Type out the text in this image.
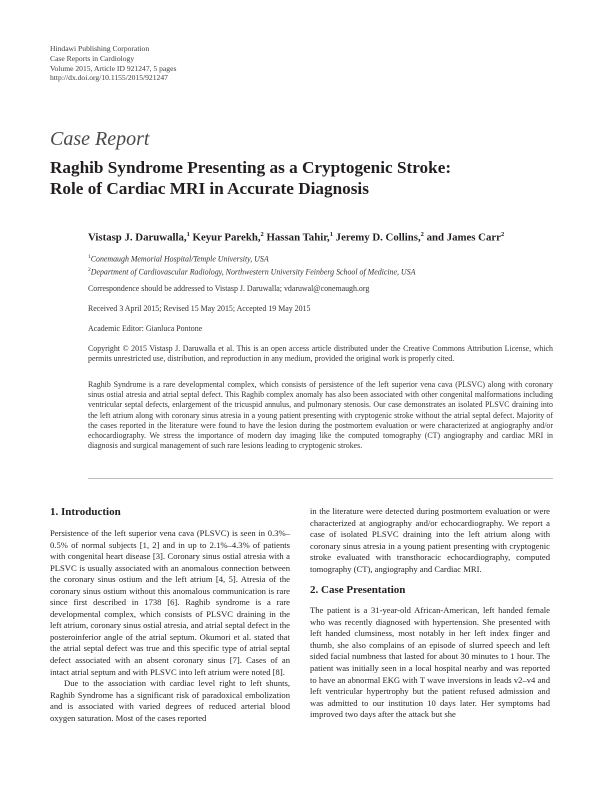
Hindawi Publishing Corporation
Case Reports in Cardiology
Volume 2015, Article ID 921247, 5 pages
http://dx.doi.org/10.1155/2015/921247
Case Report
Raghib Syndrome Presenting as a Cryptogenic Stroke:
Role of Cardiac MRI in Accurate Diagnosis
Vistasp J. Daruwalla,$^1$ Keyur Parekh,$^2$ Hassan Tahir,$^1$ Jeremy D. Collins,$^2$ and James Carr$^2$
$^1$Conemaugh Memorial Hospital/Temple University, USA
$^2$Department of Cardiovascular Radiology, Northwestern University Feinberg School of Medicine, USA
Correspondence should be addressed to Vistasp J. Daruwalla; vdaruwal@conemaugh.org
Received 3 April 2015; Revised 15 May 2015; Accepted 19 May 2015
Academic Editor: Gianluca Pontone
Copyright © 2015 Vistasp J. Daruwalla et al. This is an open access article distributed under the Creative Commons Attribution License, which permits unrestricted use, distribution, and reproduction in any medium, provided the original work is properly cited.
Raghib Syndrome is a rare developmental complex, which consists of persistence of the left superior vena cava (PLSVC) along with coronary sinus ostial atresia and atrial septal defect. This Raghib complex anomaly has also been associated with other congenital malformations including ventricular septal defects, enlargement of the tricuspid annulus, and pulmonary stenosis. Our case demonstrates an isolated PLSVC draining into the left atrium along with coronary sinus atresia in a young patient presenting with cryptogenic stroke without the atrial septal defect. Majority of the cases reported in the literature were found to have the lesion during the postmortem evaluation or were characterized at angiography and/or echocardiography. We stress the importance of modern day imaging like the computed tomography (CT) angiography and cardiac MRI in diagnosis and surgical management of such rare lesions leading to cryptogenic strokes.
1. Introduction

Persistence of the left superior vena cava (PLSVC) is seen in 0.3%–0.5% of normal subjects [1, 2] and in up to 2.1%–4.3% of patients with congenital heart disease [3]. Coronary sinus ostial atresia with a PLSVC is usually associated with an anomalous connection between the coronary sinus ostium and the left atrium [4, 5]. Atresia of the coronary sinus ostium without this anomalous communication is rare since first described in 1738 [6]. Raghib syndrome is a rare developmental complex, which consists of PLSVC draining in the left atrium, coronary sinus ostial atresia, and atrial septal defect in the posteroinferior angle of the atrial septum. Okumori et al. stated that the atrial septal defect was true and this specific type of atrial septal defect associated with an absent coronary sinus [7]. Cases of an intact atrial septum and with PLSVC into left atrium were noted [8].

Due to the association with cardiac level right to left shunts, Raghib Syndrome has a significant risk of paradoxical embolization and is associated with varied degrees of reduced arterial blood oxygen saturation. Most of the cases reported

in the literature were detected during postmortem evaluation or were characterized at angiography and/or echocardiography. We report a case of isolated PLSVC draining into the left atrium along with coronary sinus atresia in a young patient presenting with cryptogenic stroke evaluated with transthoracic echocardiography, computed tomography (CT), angiography and Cardiac MRI.

2. Case Presentation

The patient is a 31-year-old African-American, left handed female who was recently diagnosed with hypertension. She presented with left handed clumsiness, most notably in her left index finger and thumb, she also complains of an episode of slurred speech and left sided facial numbness that lasted for about 30 minutes to 1 hour. The patient was initially seen in a local hospital nearby and was reported to have an abnormal EKG with T wave inversions in leads v2–v4 and left ventricular hypertrophy but the patient refused admission and was admitted to our institution 10 days later. Her symptoms had improved two days after the attack but she
